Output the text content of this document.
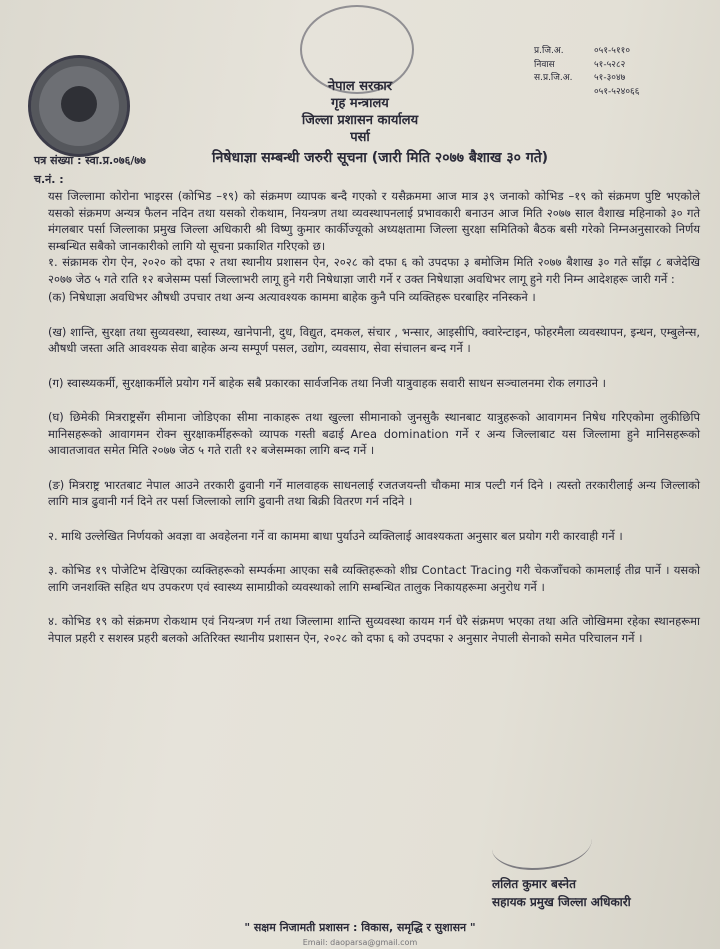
नेपाल सरकार
गृह मन्त्रालय
जिल्ला प्रशासन कार्यालय
पर्सा
प्र.जि.अ.	०५१-५११०
निवास	५१-५२८२
स.प्र.जि.अ.	५१-३०४७
०५१-५२४०६६
पत्र संख्या : स्वा.प्र.०७६/७७	निषेधाज्ञा सम्बन्धी जरुरी सूचना (जारी मिति २०७७ बैशाख ३० गते)
च.नं. :

यस जिल्लामा कोरोना भाइरस (कोभिड –१९) को संक्रमण व्यापक बन्दै गएको र यसैक्रममा आज मात्र ३९ जनाको कोभिड –१९ को संक्रमण पुष्टि भएकोले यसको संक्रमण अन्यत्र फैलन नदिन तथा यसको रोकथाम, नियन्त्रण तथा व्यवस्थापनलाई प्रभावकारी बनाउन आज मिति २०७७ साल वैशाख महिनाको ३० गते मंगलबार पर्सा जिल्लाका प्रमुख जिल्ला अधिकारी श्री विष्णु कुमार कार्कीज्यूको अध्यक्षतामा जिल्ला सुरक्षा समितिको बैठक बसी गरेको निम्नअनुसारको निर्णय सम्बन्धित सबैको जानकारीको लागि यो सूचना प्रकाशित गरिएको छ।

१. संक्रामक रोग ऐन, २०२० को दफा २ तथा स्थानीय प्रशासन ऐन, २०२८ को दफा ६ को उपदफा ३ बमोजिम मिति २०७७ बैशाख ३० गते साँझ ८ बजेदेखि २०७७ जेठ ५ गते राति १२ बजेसम्म पर्सा जिल्लाभरी लागू हुने गरी निषेधाज्ञा जारी गर्ने र उक्त निषेधाज्ञा अवधिभर लागू हुने गरी निम्न आदेशहरू जारी गर्ने :

(क) निषेधाज्ञा अवधिभर औषधी उपचार तथा अन्य अत्यावश्यक काममा बाहेक कुनै पनि व्यक्तिहरू घरबाहिर ननिस्कने ।

(ख) शान्ति, सुरक्षा तथा सुव्यवस्था, स्वास्थ्य, खानेपानी, दुध, विद्युत, दमकल, संचार , भन्सार, आइसीपि, क्वारेन्टाइन, फोहरमैला व्यवस्थापन, इन्धन, एम्बुलेन्स, औषधी जस्ता अति आवश्यक सेवा बाहेक अन्य सम्पूर्ण पसल, उद्योग, व्यवसाय, सेवा संचालन बन्द गर्ने ।

(ग) स्वास्थ्यकर्मी, सुरक्षाकर्मीले प्रयोग गर्ने बाहेक सबै प्रकारका सार्वजनिक तथा निजी यात्रुवाहक सवारी साधन सञ्चालनमा रोक लगाउने ।

(घ) छिमेकी मित्रराष्ट्रसँग सीमाना जोडिएका सीमा नाकाहरू तथा खुल्ला सीमानाको जुनसुकै स्थानबाट यात्रुहरूको आवागमन निषेध गरिएकोमा लुकीछिपि मानिसहरूको आवागमन रोक्न सुरक्षाकर्मीहरूको व्यापक गस्ती बढाई Area domination गर्ने र अन्य जिल्लाबाट यस जिल्लामा हुने मानिसहरूको आवातजावत समेत मिति २०७७ जेठ ५ गते राती १२ बजेसम्मका लागि बन्द गर्ने ।

(ङ) मित्रराष्ट्र भारतबाट नेपाल आउने तरकारी ढुवानी गर्ने मालवाहक साधनलाई रजतजयन्ती चौकमा मात्र पल्टी गर्न दिने । त्यस्तो तरकारीलाई अन्य जिल्लाको लागि मात्र ढुवानी गर्न दिने तर पर्सा जिल्लाको लागि ढुवानी तथा बिक्री वितरण गर्न नदिने ।

२. माथि उल्लेखित निर्णयको अवज्ञा वा अवहेलना गर्ने वा काममा बाधा पुर्याउने व्यक्तिलाई आवश्यकता अनुसार बल प्रयोग गरी कारवाही गर्ने ।

३. कोभिड १९ पोजेटिभ देखिएका व्यक्तिहरूको सम्पर्कमा आएका सबै व्यक्तिहरूको शीघ्र Contact Tracing गरी चेकजाँचको कामलाई तीव्र पार्ने । यसको लागि जनशक्ति सहित थप उपकरण एवं स्वास्थ्य सामाग्रीको व्यवस्थाको लागि सम्बन्धित तालुक निकायहरूमा अनुरोध गर्ने ।

४. कोभिड १९ को संक्रमण रोकथाम एवं नियन्त्रण गर्न तथा जिल्लामा शान्ति सुव्यवस्था कायम गर्न धेरै संक्रमण भएका तथा अति जोखिममा रहेका स्थानहरूमा नेपाल प्रहरी र सशस्त्र प्रहरी बलको अतिरिक्त स्थानीय प्रशासन ऐन, २०२८ को दफा ६ को उपदफा २ अनुसार नेपाली सेनाको समेत परिचालन गर्ने ।

ललित कुमार बस्नेत
सहायक प्रमुख जिल्ला अधिकारी
" सक्षम निजामती प्रशासन : विकास, समृद्धि र सुशासन "
Email: daoparsa@gmail.com
